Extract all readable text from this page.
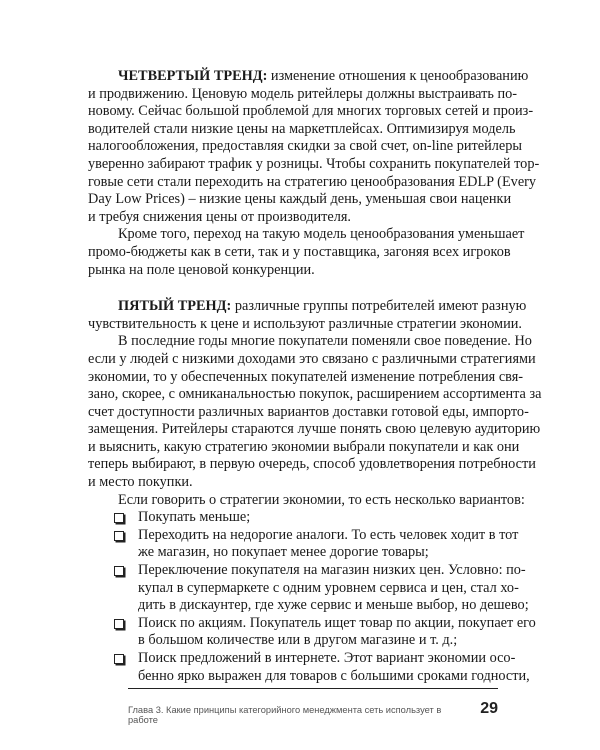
ЧЕТВЕРТЫЙ ТРЕНД: изменение отношения к ценообразованию
и продвижению. Ценовую модель ритейлеры должны выстраивать по-
новому. Сейчас большой проблемой для многих торговых сетей и произ-
водителей стали низкие цены на маркетплейсах. Оптимизируя модель
налогообложения, предоставляя скидки за свой счет, on-line ритейлеры
уверенно забирают трафик у розницы. Чтобы сохранить покупателей тор-
говые сети стали переходить на стратегию ценообразования EDLP (Every
Day Low Prices) – низкие цены каждый день, уменьшая свои наценки
и требуя снижения цены от производителя.
Кроме того, переход на такую модель ценообразования уменьшает
промо-бюджеты как в сети, так и у поставщика, загоняя всех игроков
рынка на поле ценовой конкуренции.
ПЯТЫЙ ТРЕНД: различные группы потребителей имеют разную
чувствительность к цене и используют различные стратегии экономии.
В последние годы многие покупатели поменяли свое поведение. Но
если у людей с низкими доходами это связано с различными стратегиями
экономии, то у обеспеченных покупателей изменение потребления свя-
зано, скорее, с омниканальностью покупок, расширением ассортимента за
счет доступности различных вариантов доставки готовой еды, импорто-
замещения. Ритейлеры стараются лучше понять свою целевую аудиторию
и выяснить, какую стратегию экономии выбрали покупатели и как они
теперь выбирают, в первую очередь, способ удовлетворения потребности
и место покупки.
Если говорить о стратегии экономии, то есть несколько вариантов:
Покупать меньше;
Переходить на недорогие аналоги. То есть человек ходит в тот
же магазин, но покупает менее дорогие товары;
Переключение покупателя на магазин низких цен. Условно: по-
купал в супермаркете с одним уровнем сервиса и цен, стал хо-
дить в дискаунтер, где хуже сервис и меньше выбор, но дешево;
Поиск по акциям. Покупатель ищет товар по акции, покупает его
в большом количестве или в другом магазине и т. д.;
Поиск предложений в интернете. Этот вариант экономии осо-
бенно ярко выражен для товаров с большими сроками годности,
Глава 3. Какие принципы категорийного менеджмента сеть использует в работе
29
